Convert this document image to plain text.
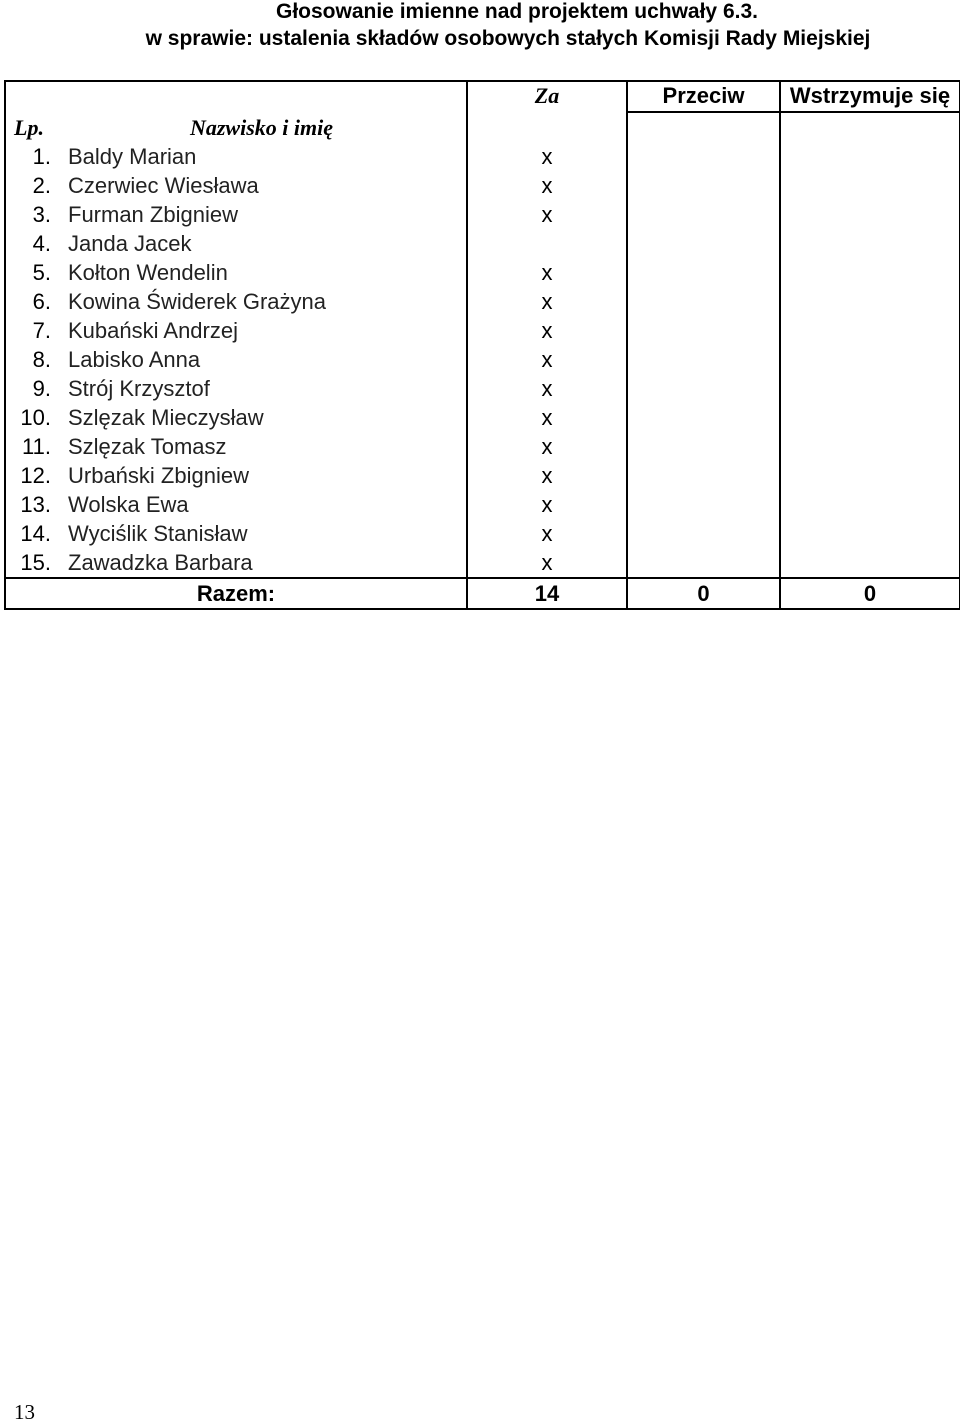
Głosowanie imienne nad projektem uchwały 6.3.
w sprawie: ustalenia składów osobowych stałych Komisji Rady Miejskiej
		Za	Przeciw	Wstrzymuje się
Lp.	Nazwisko i imię			
1.	Baldy Marian	x		
2.	Czerwiec Wiesława	x		
3.	Furman Zbigniew	x		
4.	Janda Jacek			
5.	Kołton Wendelin	x		
6.	Kowina Świderek Grażyna	x		
7.	Kubański Andrzej	x		
8.	Labisko Anna	x		
9.	Strój Krzysztof	x		
10.	Szlęzak Mieczysław	x		
11.	Szlęzak Tomasz	x		
12.	Urbański Zbigniew	x		
13.	Wolska Ewa	x		
14.	Wyciślik Stanisław	x		
15.	Zawadzka Barbara	x		
Razem:		14	0	0
13
